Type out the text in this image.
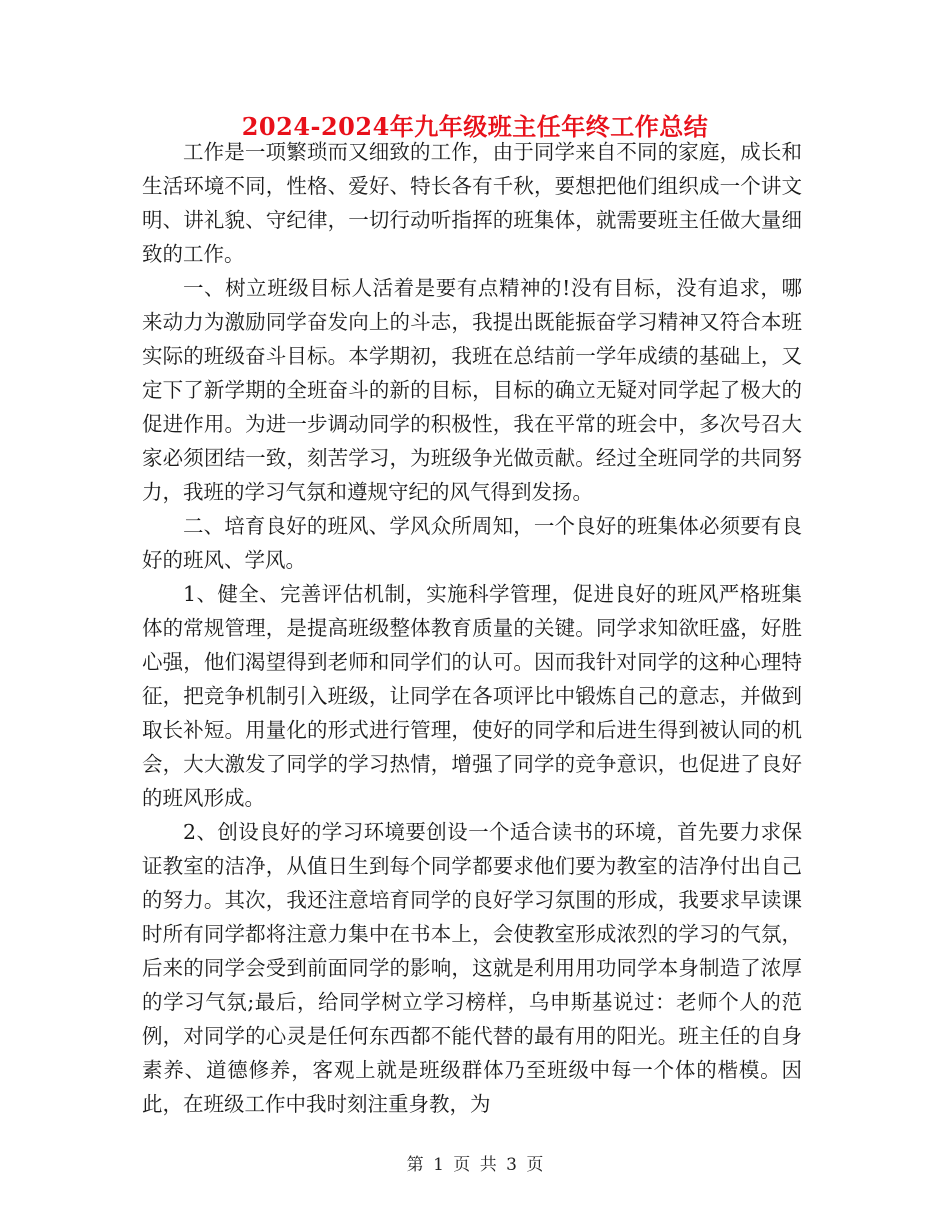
2024-2024年九年级班主任年终工作总结

工作是一项繁琐而又细致的工作，由于同学来自不同的家庭，成长和生活环境不同，性格、爱好、特长各有千秋，要想把他们组织成一个讲文明、讲礼貌、守纪律，一切行动听指挥的班集体，就需要班主任做大量细致的工作。

一、树立班级目标人活着是要有点精神的!没有目标，没有追求，哪来动力为激励同学奋发向上的斗志，我提出既能振奋学习精神又符合本班实际的班级奋斗目标。本学期初，我班在总结前一学年成绩的基础上，又定下了新学期的全班奋斗的新的目标，目标的确立无疑对同学起了极大的促进作用。为进一步调动同学的积极性，我在平常的班会中，多次号召大家必须团结一致，刻苦学习，为班级争光做贡献。经过全班同学的共同努力，我班的学习气氛和遵规守纪的风气得到发扬。

二、培育良好的班风、学风众所周知，一个良好的班集体必须要有良好的班风、学风。

1、健全、完善评估机制，实施科学管理，促进良好的班风严格班集体的常规管理，是提高班级整体教育质量的关键。同学求知欲旺盛，好胜心强，他们渴望得到老师和同学们的认可。因而我针对同学的这种心理特征，把竞争机制引入班级，让同学在各项评比中锻炼自己的意志，并做到取长补短。用量化的形式进行管理，使好的同学和后进生得到被认同的机会，大大激发了同学的学习热情，增强了同学的竞争意识，也促进了良好的班风形成。

2、创设良好的学习环境要创设一个适合读书的环境，首先要力求保证教室的洁净，从值日生到每个同学都要求他们要为教室的洁净付出自己的努力。其次，我还注意培育同学的良好学习氛围的形成，我要求早读课时所有同学都将注意力集中在书本上，会使教室形成浓烈的学习的气氛，后来的同学会受到前面同学的影响，这就是利用用功同学本身制造了浓厚的学习气氛;最后，给同学树立学习榜样，乌申斯基说过：老师个人的范例，对同学的心灵是任何东西都不能代替的最有用的阳光。班主任的自身素养、道德修养，客观上就是班级群体乃至班级中每一个体的楷模。因此，在班级工作中我时刻注重身教，为

第 1 页 共 3 页
